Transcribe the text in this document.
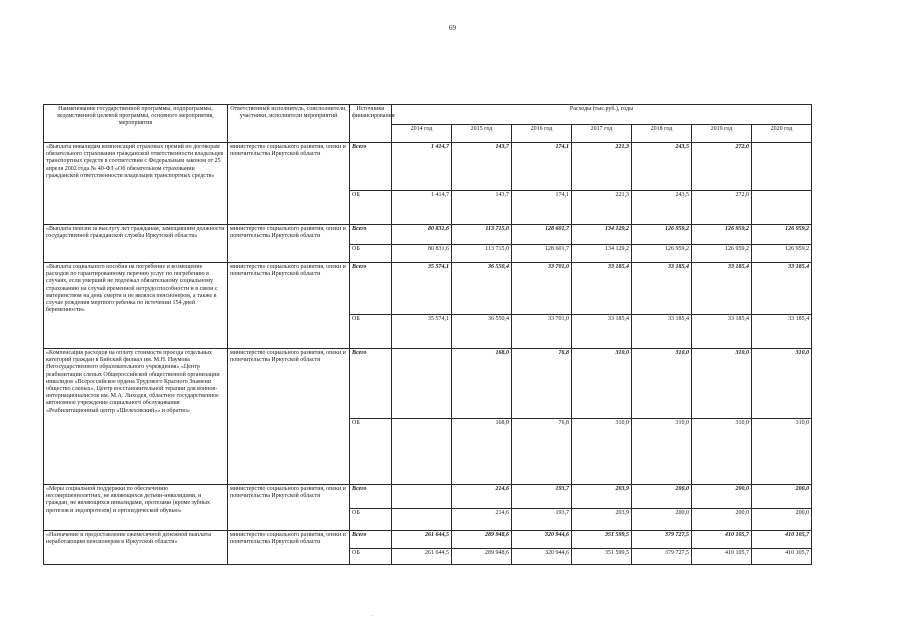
69
Наименование государственной программы, подпрограммы, ведомственной целевой программы, основного мероприятия, мероприятия	Ответственный исполнитель, соисполнители, участники, исполнители мероприятий	Источники финансирования	Расходы (тыс.руб.), годы						
			2014 год	2015 год	2016 год	2017 год	2018 год	2019 год	2020 год
«Выплата инвалидам компенсаций страховых премий по договорам обязательного страхования гражданской ответственности владельцев транспортных средств в соответствии с Федеральным законом от 25 апреля 2002 года № 40-ФЗ «Об обязательном страховании гражданской ответственности владельцев транспортных средств»	министерство социального развития, опеки и попечительства Иркутской области	Всего	1 414,7	143,7	174,1	221,3	243,5	272,0	
		ОБ	1 414,7	143,7	174,1	221,3	243,5	272,0	
«Выплата пенсии за выслугу лет гражданам, замещавшим должности государственной гражданской службы Иркутской области»	министерство социального развития, опеки и попечительства Иркутской области	Всего	80 831,6	113 715,0	128 601,7	134 129,2	126 959,2	126 959,2	126 959,2
		ОБ	80 831,6	113 715,0	128 601,7	134 129,2	126 959,2	126 959,2	126 959,2
«Выплата социального пособия на погребение и возмещение расходов по гарантированному перечню услуг по погребению в случаях, если умерший не подлежал обязательному социальному страхованию на случай временной нетрудоспособности и в связи с материнством на день смерти и не являлся пенсионером, а также в случае рождения мертвого ребенка по истечении 154 дней беременности»	министерство социального развития, опеки и попечительства Иркутской области	Всего	35 574,1	36 550,4	33 701,0	33 185,4	33 185,4	33 185,4	33 185,4
		ОБ	35 574,1	36 550,4	33 701,0	33 185,4	33 185,4	33 185,4	33 185,4
«Компенсация расходов на оплату стоимости проезда отдельных категорий граждан в Бийский филиал им. М.Н. Наумова Негосударственного образовательного учреждения» «Центр реабилитации слепых Общероссийской общественной организации инвалидов «Всероссийское ордена Трудового Красного Знамени общество слепых», Центр восстановительной терапии для воинов-интернационалистов им. М.А. Лиходея, областное государственное автономное учреждение социального обслуживания «Реабилитационный центр «Шелеховский»» и обратно»	министерство социального развития, опеки и попечительства Иркутской области	Всего		168,0	76,8	310,0	310,0	310,0	310,0
		ОБ		168,0	76,8	310,0	310,0	310,0	310,0
«Меры социальной поддержки по обеспечению несовершеннолетних, не являющихся детьми-инвалидами, и граждан, не являющихся инвалидами, протезами (кроме зубных протезов и эндопротезов) и ортопедической обувью»	министерство социального развития, опеки и попечительства Иркутской области	Всего		214,6	193,7	203,9	200,0	200,0	200,0
		ОБ		214,6	193,7	203,9	200,0	200,0	200,0
«Назначение и предоставление ежемесячной денежной выплаты неработающим пенсионерам в Иркутской области»	министерство социального развития, опеки и попечительства Иркутской области	Всего	261 644,5	289 948,6	320 944,6	351 599,5	379 727,5	410 105,7	410 105,7
		ОБ	261 644,5	289 948,6	320 944,6	351 599,5	379 727,5	410 105,7	410 105,7
.
